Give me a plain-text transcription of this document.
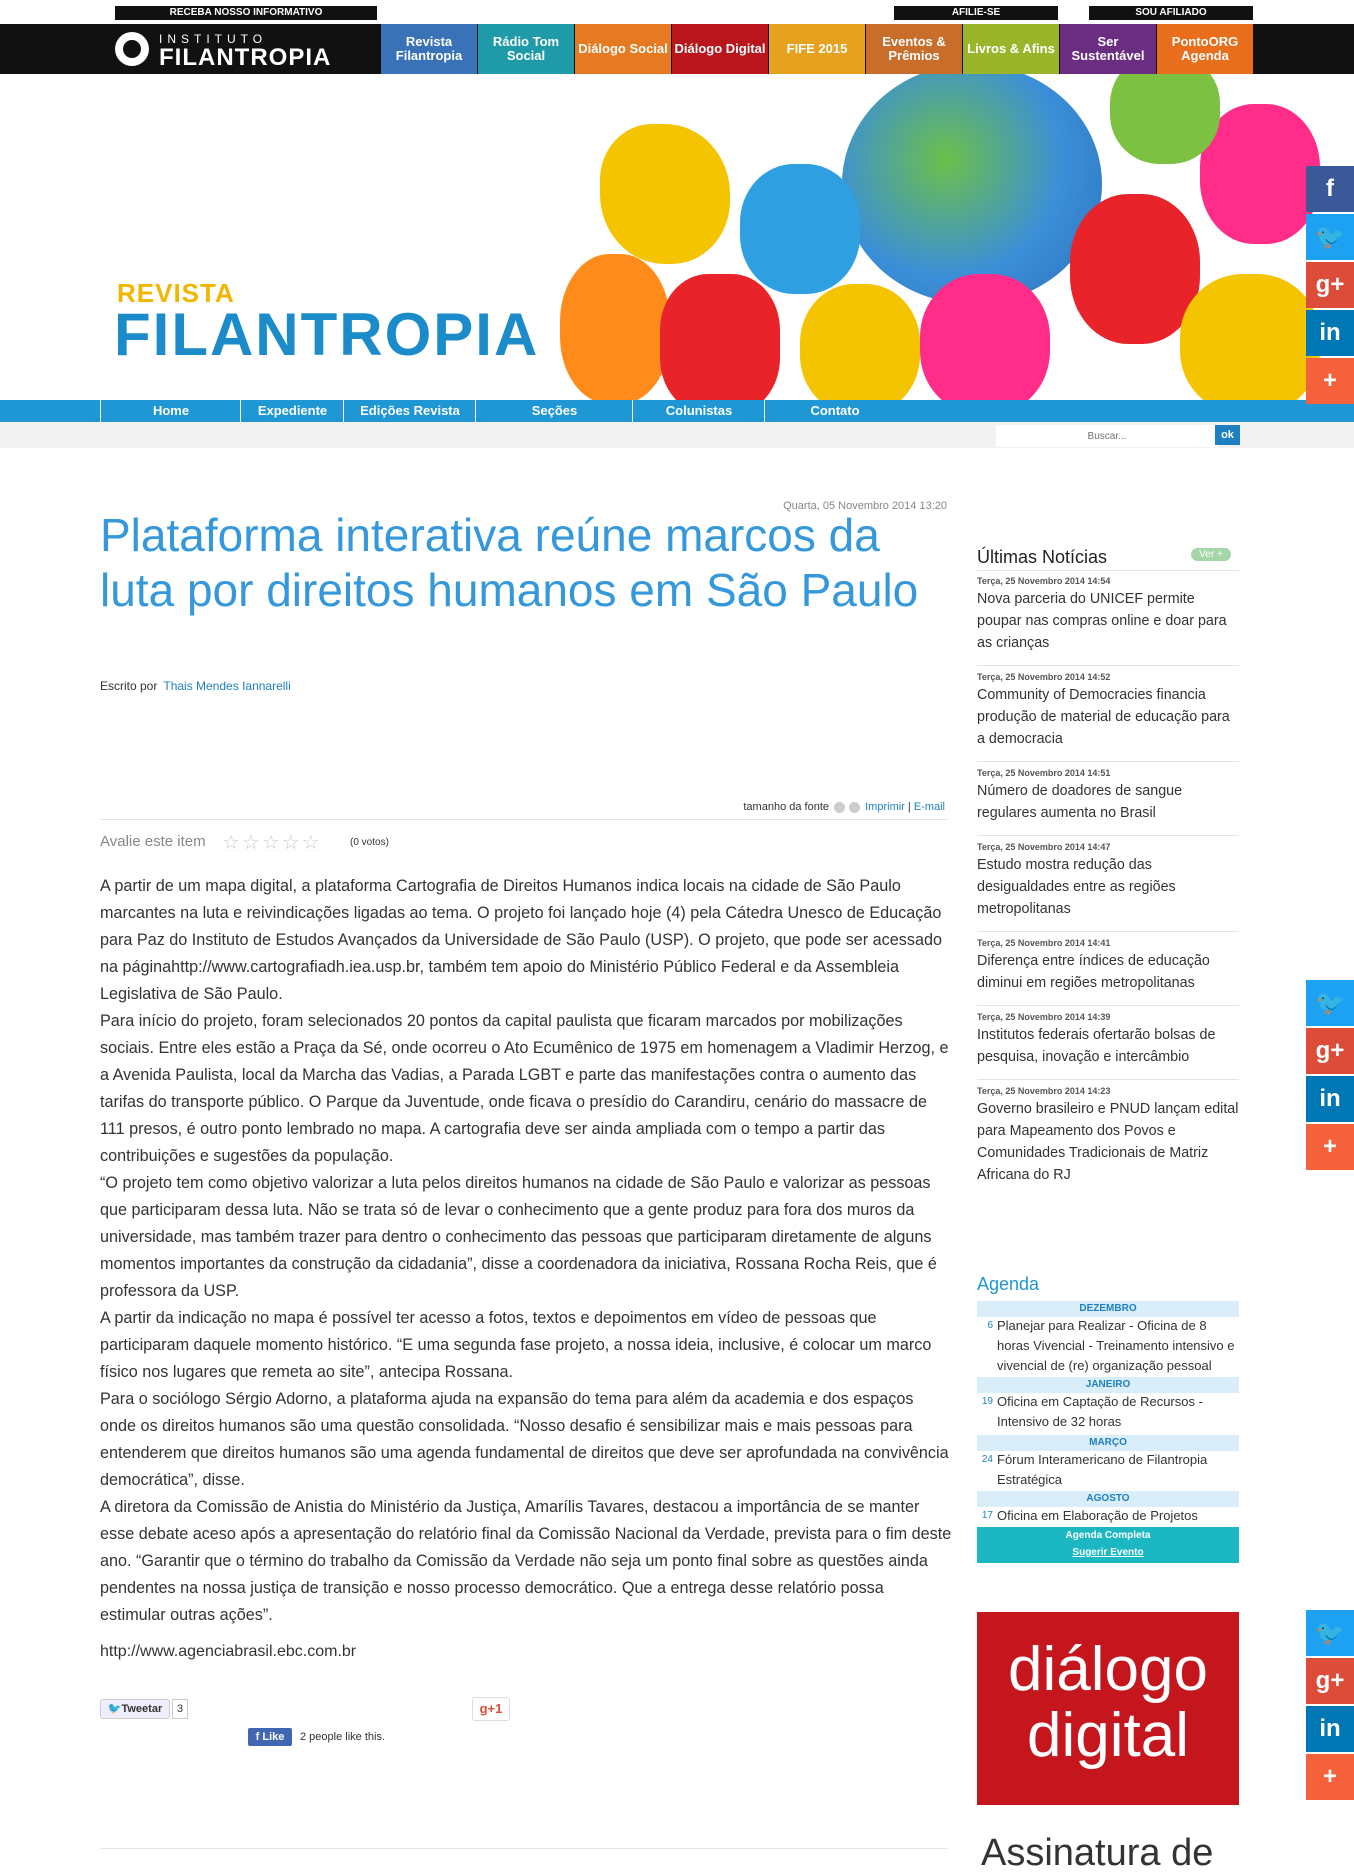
RECEBA NOSSO INFORMATIVO	AFILIE-SE	SOU AFILIADO
INSTITUTO
FILANTROPIA
Revista Filantropia
Rádio Tom Social	Diálogo Social Diálogo Digital	FIFE 2015	Eventos & Prêmios	Livros & Afins	Ser Sustentável
PontoORG Agenda
REVISTA
FILANTROPIA
Home	Expediente	Edições Revista	Seções	Colunistas	Contato
Buscar...
ok
f
🐦
g+
in
+
🐦
g+
in
+
🐦
g+
in
+
Quarta, 05 Novembro 2014 13:20
Plataforma interativa reúne marcos da luta por direitos humanos em São Paulo
Escrito por Thais Mendes Iannarelli
tamanho da fonte	Imprimir | E-mail
Avalie este item ☆☆☆☆☆	(0 votos)

A partir de um mapa digital, a plataforma Cartografia de Direitos Humanos indica locais na cidade de São Paulo marcantes na luta e reivindicações ligadas ao tema. O projeto foi lançado hoje (4) pela Cátedra Unesco de Educação para Paz do Instituto de Estudos Avançados da Universidade de São Paulo (USP). O projeto, que pode ser acessado na páginahttp://www.cartografiadh.iea.usp.br, também tem apoio do Ministério Público Federal e da Assembleia Legislativa de São Paulo.

Para início do projeto, foram selecionados 20 pontos da capital paulista que ficaram marcados por mobilizações sociais. Entre eles estão a Praça da Sé, onde ocorreu o Ato Ecumênico de 1975 em homenagem a Vladimir Herzog, e a Avenida Paulista, local da Marcha das Vadias, a Parada LGBT e parte das manifestações contra o aumento das tarifas do transporte público. O Parque da Juventude, onde ficava o presídio do Carandiru, cenário do massacre de 111 presos, é outro ponto lembrado no mapa. A cartografia deve ser ainda ampliada com o tempo a partir das contribuições e sugestões da população.

“O projeto tem como objetivo valorizar a luta pelos direitos humanos na cidade de São Paulo e valorizar as pessoas que participaram dessa luta. Não se trata só de levar o conhecimento que a gente produz para fora dos muros da universidade, mas também trazer para dentro o conhecimento das pessoas que participaram diretamente de alguns momentos importantes da construção da cidadania”, disse a coordenadora da iniciativa, Rossana Rocha Reis, que é professora da USP.

A partir da indicação no mapa é possível ter acesso a fotos, textos e depoimentos em vídeo de pessoas que participaram daquele momento histórico. “E uma segunda fase projeto, a nossa ideia, inclusive, é colocar um marco físico nos lugares que remeta ao site”, antecipa Rossana.

Para o sociólogo Sérgio Adorno, a plataforma ajuda na expansão do tema para além da academia e dos espaços onde os direitos humanos são uma questão consolidada. “Nosso desafio é sensibilizar mais e mais pessoas para entenderem que direitos humanos são uma agenda fundamental de direitos que deve ser aprofundada na convivência democrática”, disse.

A diretora da Comissão de Anistia do Ministério da Justiça, Amarílis Tavares, destacou a importância de se manter esse debate aceso após a apresentação do relatório final da Comissão Nacional da Verdade, prevista para o fim deste ano. “Garantir que o término do trabalho da Comissão da Verdade não seja um ponto final sobre as questões ainda pendentes na nossa justiça de transição e nosso processo democrático. Que a entrega desse relatório possa estimular outras ações”.

http://www.agenciabrasil.ebc.com.br
🐦Tweetar	3	g+1
f Like	2 people like this.
Últimas Notícias	Ver +
Terça, 25 Novembro 2014 14:54
Nova parceria do UNICEF permite poupar nas compras online e doar para as crianças
Terça, 25 Novembro 2014 14:52
Community of Democracies financia produção de material de educação para a democracia
Terça, 25 Novembro 2014 14:51
Número de doadores de sangue regulares aumenta no Brasil
Terça, 25 Novembro 2014 14:47
Estudo mostra redução das desigualdades entre as regiões metropolitanas
Terça, 25 Novembro 2014 14:41
Diferença entre índices de educação diminui em regiões metropolitanas
Terça, 25 Novembro 2014 14:39
Institutos federais ofertarão bolsas de pesquisa, inovação e intercâmbio
Terça, 25 Novembro 2014 14:23
Governo brasileiro e PNUD lançam edital para Mapeamento dos Povos e Comunidades Tradicionais de Matriz Africana do RJ
Agenda
DEZEMBRO
6 Planejar para Realizar - Oficina de 8 horas Vivencial - Treinamento intensivo e vivencial de (re) organização pessoal
JANEIRO
19 Oficina em Captação de Recursos - Intensivo de 32 horas
MARÇO
24 Fórum Interamericano de Filantropia Estratégica
AGOSTO
17 Oficina em Elaboração de Projetos
Agenda Completa
Sugerir Evento
diálogo
digital
Assinatura de
